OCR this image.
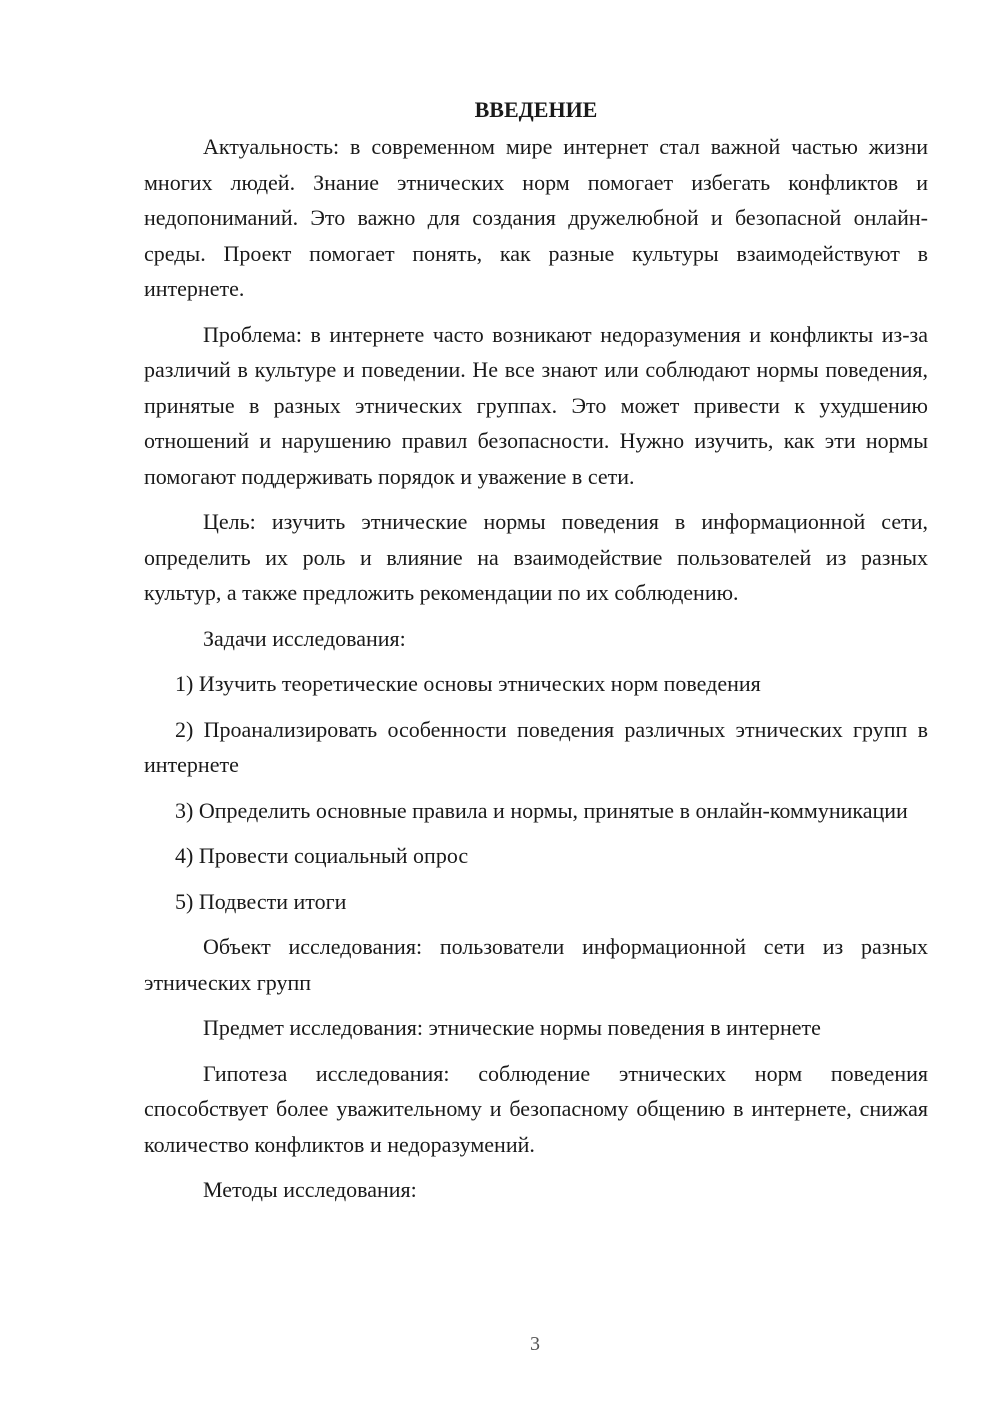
ВВЕДЕНИЕ

Актуальность: в современном мире интернет стал важной частью жизни многих людей. Знание этнических норм помогает избегать конфликтов и недопониманий. Это важно для создания дружелюбной и безопасной онлайн-среды. Проект помогает понять, как разные культуры взаимодействуют в интернете.

Проблема: в интернете часто возникают недоразумения и конфликты из-за различий в культуре и поведении. Не все знают или соблюдают нормы поведения, принятые в разных этнических группах. Это может привести к ухудшению отношений и нарушению правил безопасности. Нужно изучить, как эти нормы помогают поддерживать порядок и уважение в сети.

Цель: изучить этнические нормы поведения в информационной сети, определить их роль и влияние на взаимодействие пользователей из разных культур, а также предложить рекомендации по их соблюдению.

Задачи исследования:

1) Изучить теоретические основы этнических норм поведения

2) Проанализировать особенности поведения различных этнических групп в интернете

3) Определить основные правила и нормы, принятые в онлайн-коммуникации

4) Провести социальный опрос

5) Подвести итоги

Объект исследования: пользователи информационной сети из разных этнических групп

Предмет исследования: этнические нормы поведения в интернете

Гипотеза исследования: соблюдение этнических норм поведения способствует более уважительному и безопасному общению в интернете, снижая количество конфликтов и недоразумений.

Методы исследования:

3
